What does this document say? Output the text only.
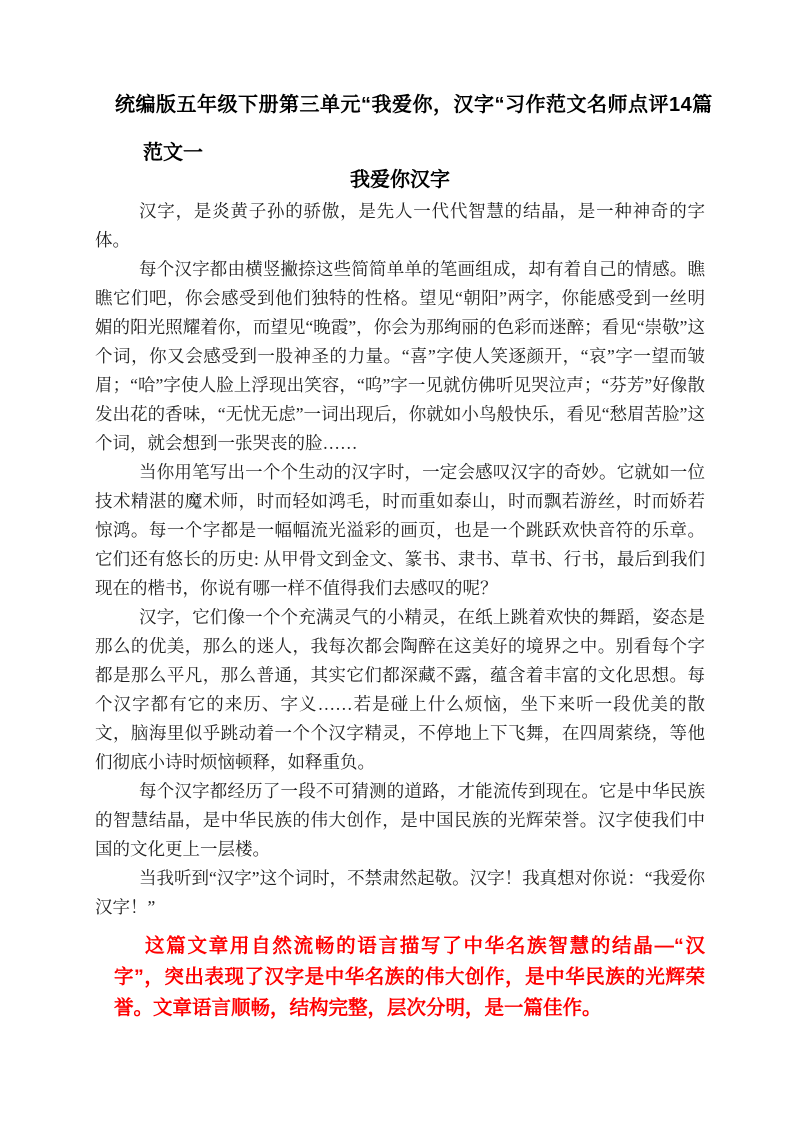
统编版五年级下册第三单元“我爱你，汉字“习作范文名师点评14篇
范文一
我爱你汉字

汉字，是炎黄子孙的骄傲，是先人一代代智慧的结晶，是一种神奇的字体。

每个汉字都由横竖撇捺这些简简单单的笔画组成，却有着自己的情感。瞧瞧它们吧，你会感受到他们独特的性格。望见“朝阳”两字，你能感受到一丝明媚的阳光照耀着你，而望见“晚霞”，你会为那绚丽的色彩而迷醉；看见“崇敬”这个词，你又会感受到一股神圣的力量。“喜”字使人笑逐颜开，“哀”字一望而皱眉；“哈”字使人脸上浮现出笑容，“呜”字一见就仿佛听见哭泣声；“芬芳”好像散发出花的香味，“无忧无虑”一词出现后，你就如小鸟般快乐，看见“愁眉苦脸”这个词，就会想到一张哭丧的脸……

当你用笔写出一个个生动的汉字时，一定会感叹汉字的奇妙。它就如一位技术精湛的魔术师，时而轻如鸿毛，时而重如泰山，时而飘若游丝，时而娇若惊鸿。每一个字都是一幅幅流光溢彩的画页，也是一个跳跃欢快音符的乐章。它们还有悠长的历史: 从甲骨文到金文、篆书、隶书、草书、行书，最后到我们现在的楷书，你说有哪一样不值得我们去感叹的呢？

汉字，它们像一个个充满灵气的小精灵，在纸上跳着欢快的舞蹈，姿态是那么的优美，那么的迷人，我每次都会陶醉在这美好的境界之中。别看每个字都是那么平凡，那么普通，其实它们都深藏不露，蕴含着丰富的文化思想。每个汉字都有它的来历、字义……若是碰上什么烦恼，坐下来听一段优美的散文，脑海里似乎跳动着一个个汉字精灵，不停地上下飞舞，在四周萦绕，等他们彻底小诗时烦恼顿释，如释重负。

每个汉字都经历了一段不可猜测的道路，才能流传到现在。它是中华民族的智慧结晶，是中华民族的伟大创作，是中国民族的光辉荣誉。汉字使我们中国的文化更上一层楼。

当我听到“汉字”这个词时，不禁肃然起敬。汉字！我真想对你说：“我爱你汉字！”

这篇文章用自然流畅的语言描写了中华名族智慧的结晶—“汉字”，突出表现了汉字是中华名族的伟大创作，是中华民族的光辉荣誉。文章语言顺畅，结构完整，层次分明，是一篇佳作。
